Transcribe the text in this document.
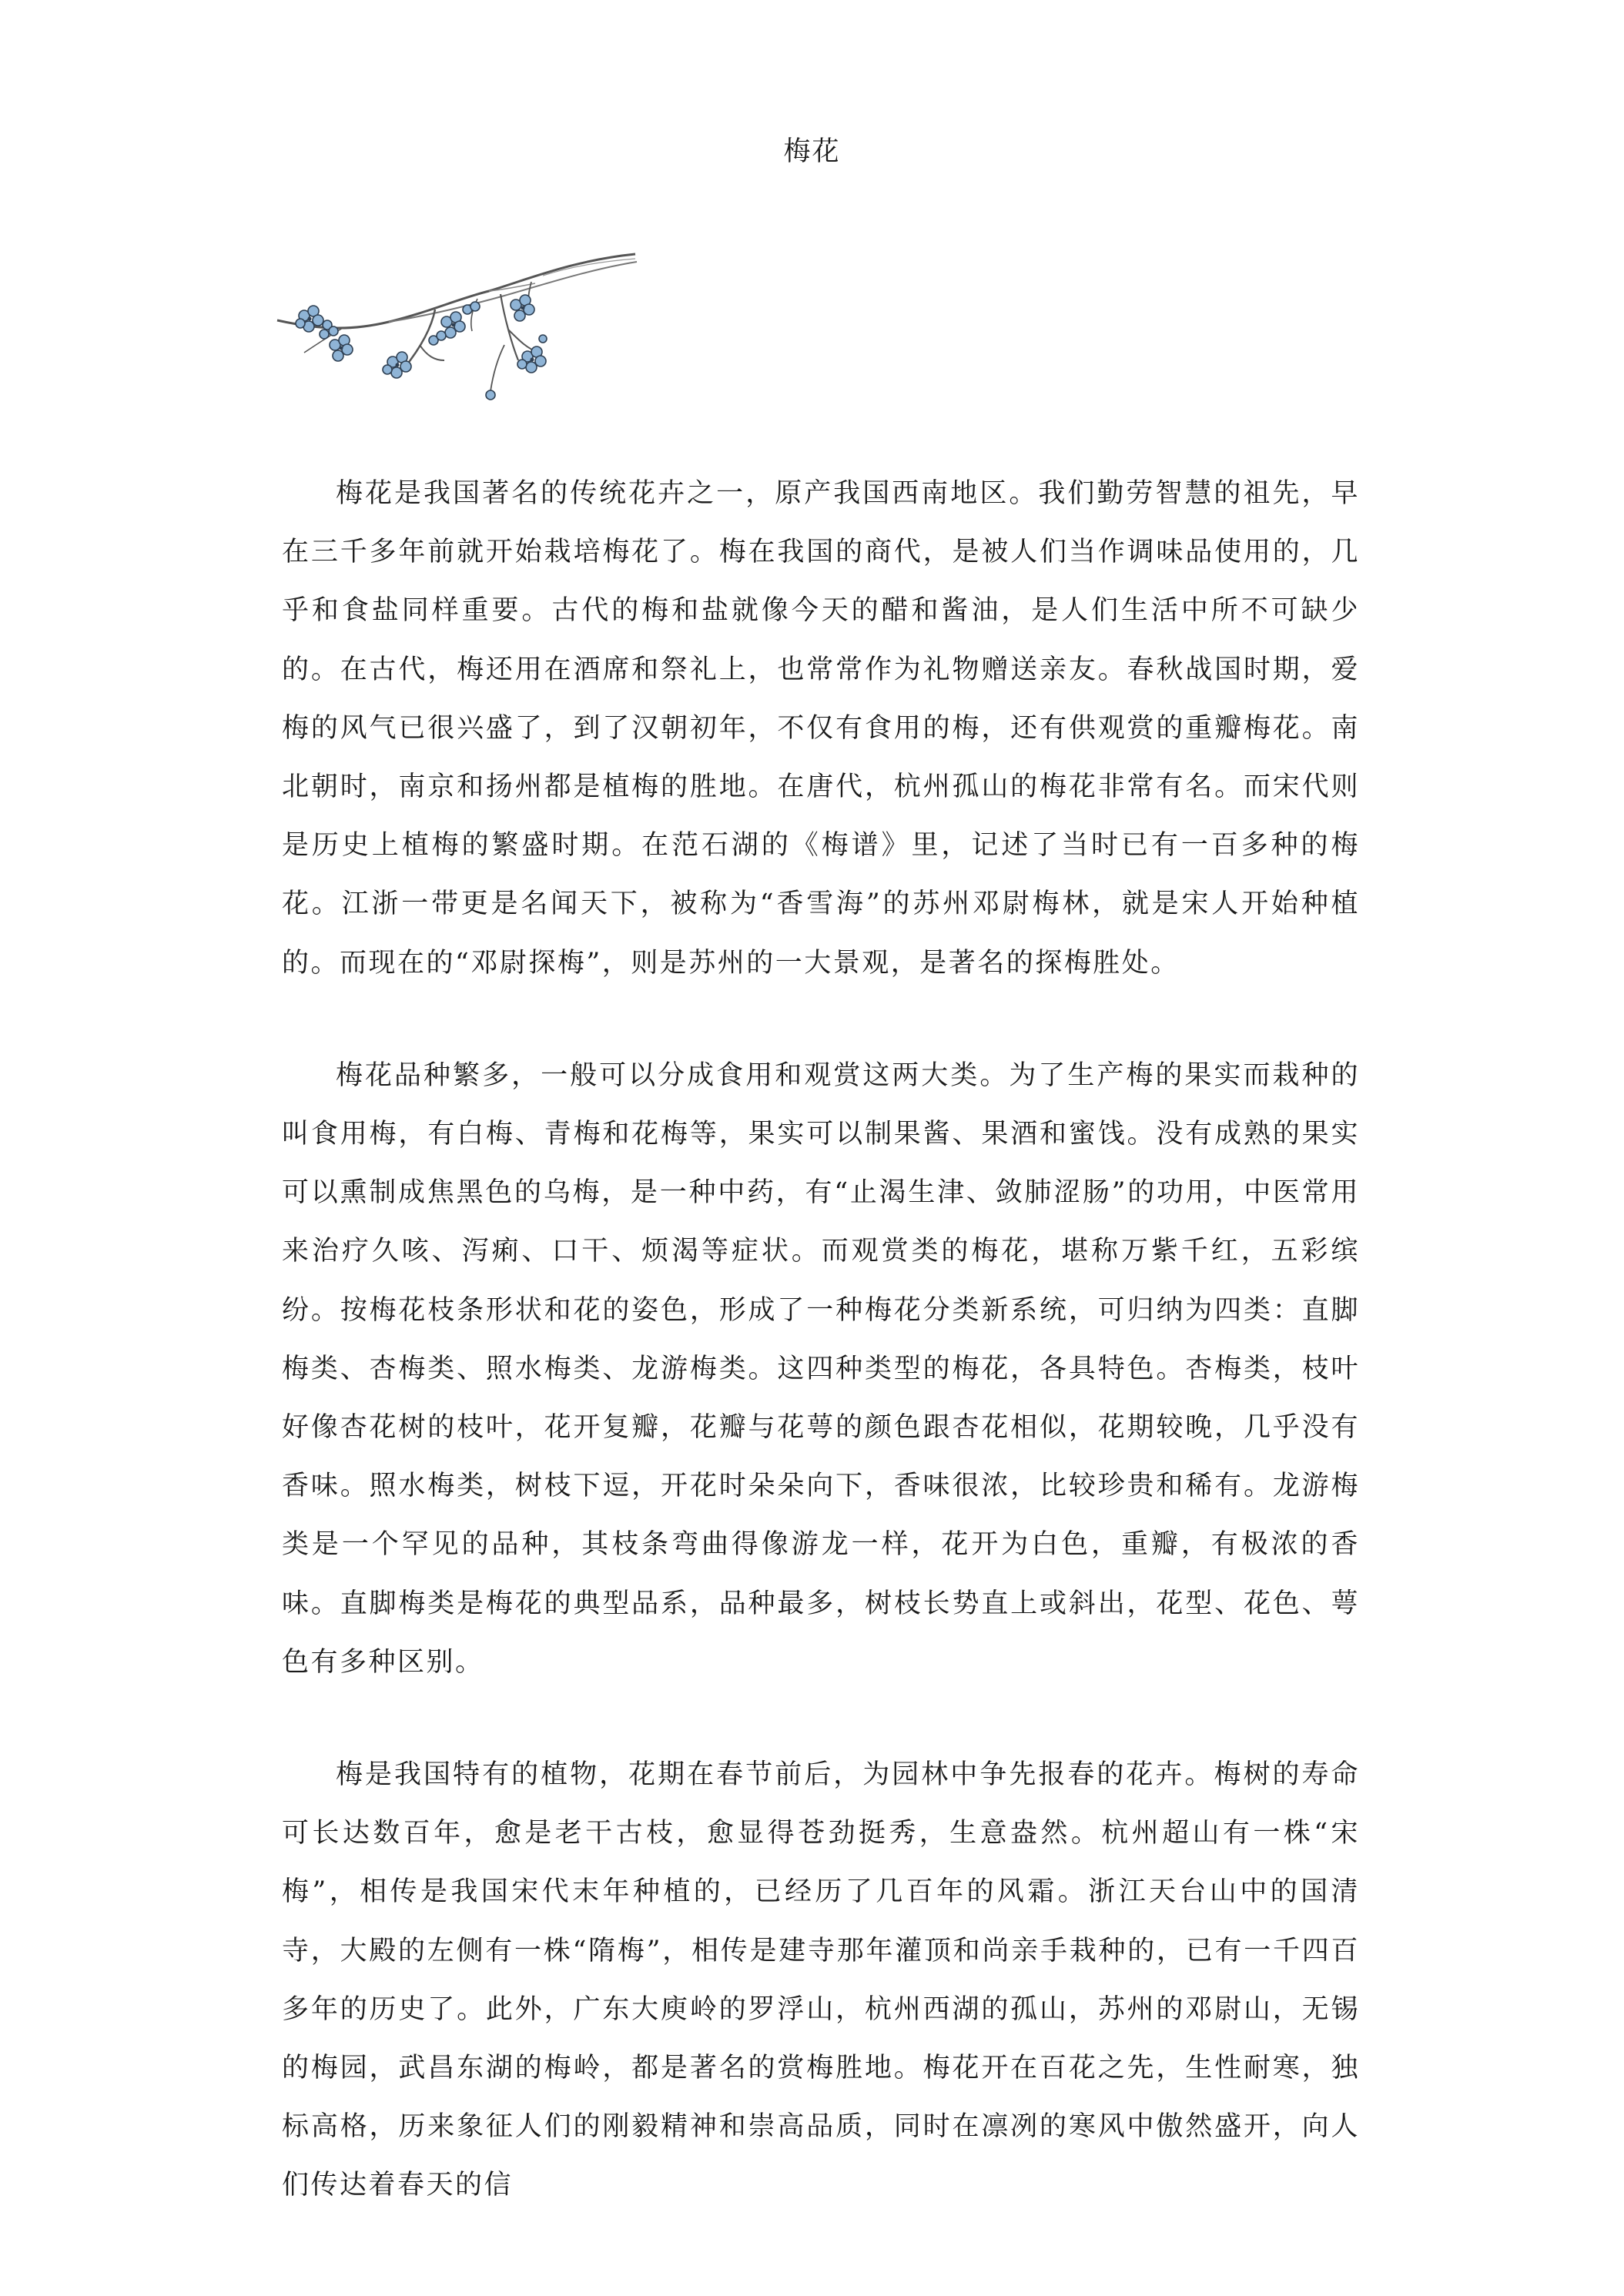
梅花

梅花是我国著名的传统花卉之一，原产我国西南地区。我们勤劳智慧的祖先，早在三千多年前就开始栽培梅花了。梅在我国的商代，是被人们当作调味品使用的，几乎和食盐同样重要。古代的梅和盐就像今天的醋和酱油，是人们生活中所不可缺少的。在古代，梅还用在酒席和祭礼上，也常常作为礼物赠送亲友。春秋战国时期，爱梅的风气已很兴盛了，到了汉朝初年，不仅有食用的梅，还有供观赏的重瓣梅花。南北朝时，南京和扬州都是植梅的胜地。在唐代，杭州孤山的梅花非常有名。而宋代则是历史上植梅的繁盛时期。在范石湖的《梅谱》里，记述了当时已有一百多种的梅花。江浙一带更是名闻天下，被称为“香雪海”的苏州邓尉梅林，就是宋人开始种植的。而现在的“邓尉探梅”，则是苏州的一大景观，是著名的探梅胜处。

梅花品种繁多，一般可以分成食用和观赏这两大类。为了生产梅的果实而栽种的叫食用梅，有白梅、青梅和花梅等，果实可以制果酱、果酒和蜜饯。没有成熟的果实可以熏制成焦黑色的乌梅，是一种中药，有“止渴生津、敛肺涩肠”的功用，中医常用来治疗久咳、泻痢、口干、烦渴等症状。而观赏类的梅花，堪称万紫千红，五彩缤纷。按梅花枝条形状和花的姿色，形成了一种梅花分类新系统，可归纳为四类：直脚梅类、杏梅类、照水梅类、龙游梅类。这四种类型的梅花，各具特色。杏梅类，枝叶好像杏花树的枝叶，花开复瓣，花瓣与花萼的颜色跟杏花相似，花期较晚，几乎没有香味。照水梅类，树枝下逗，开花时朵朵向下，香味很浓，比较珍贵和稀有。龙游梅类是一个罕见的品种，其枝条弯曲得像游龙一样，花开为白色，重瓣，有极浓的香味。直脚梅类是梅花的典型品系，品种最多，树枝长势直上或斜出，花型、花色、萼色有多种区别。

梅是我国特有的植物，花期在春节前后，为园林中争先报春的花卉。梅树的寿命可长达数百年，愈是老干古枝，愈显得苍劲挺秀，生意盎然。杭州超山有一株“宋梅”，相传是我国宋代末年种植的，已经历了几百年的风霜。浙江天台山中的国清寺，大殿的左侧有一株“隋梅”，相传是建寺那年灌顶和尚亲手栽种的，已有一千四百多年的历史了。此外，广东大庾岭的罗浮山，杭州西湖的孤山，苏州的邓尉山，无锡的梅园，武昌东湖的梅岭，都是著名的赏梅胜地。梅花开在百花之先，生性耐寒，独标高格，历来象征人们的刚毅精神和崇高品质，同时在凛冽的寒风中傲然盛开，向人们传达着春天的信
